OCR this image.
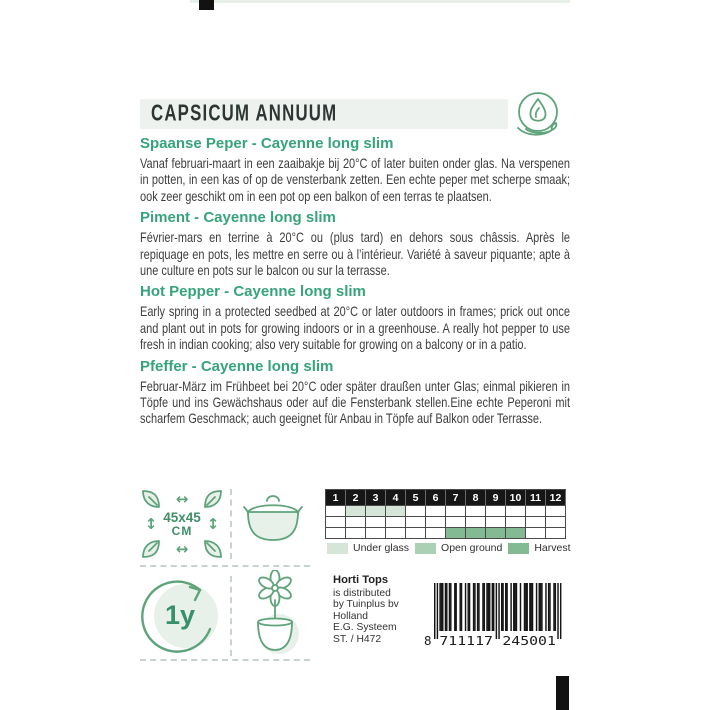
CAPSICUM ANNUUM
Spaanse Peper - Cayenne long slim

Vanaf februari-maart in een zaaibakje bij 20°C of later buiten onder glas. Na verspenen in potten, in een kas of op de vensterbank zetten. Een echte peper met scherpe smaak; ook zeer geschikt om in een pot op een balkon of een terras te plaatsen.

Piment - Cayenne long slim

Février-mars en terrine à 20°C ou (plus tard) en dehors sous châssis. Après le repiquage en pots, les mettre en serre ou à l’intérieur. Variété à saveur piquante; apte à une culture en pots sur le balcon ou sur la terrasse.

Hot Pepper - Cayenne long slim

Early spring in a protected seedbed at 20°C or later outdoors in frames; prick out once and plant out in pots for growing indoors or in a greenhouse. A really hot pepper to use fresh in indian cooking; also very suitable for growing on a balcony or in a patio.

Pfeffer - Cayenne long slim

Februar-März im Frühbeet bei 20°C oder später draußen unter Glas; einmal pikieren in Töpfe und ins Gewächshaus oder auf die Fensterbank stellen.Eine echte Peperoni mit scharfem Geschmack; auch geeignet für Anbau in Töpfe auf Balkon oder Terrasse.

↔
↕ 45x45
CM ↕
↔
1y
1	2	3	4	5	6	7	8	9	10 11 12
Under glass	Open ground	Harvest
Horti Tops
is distributed
by Tuinplus bv
Holland
E.G. Systeem
ST. / H472	8 711117 245001
